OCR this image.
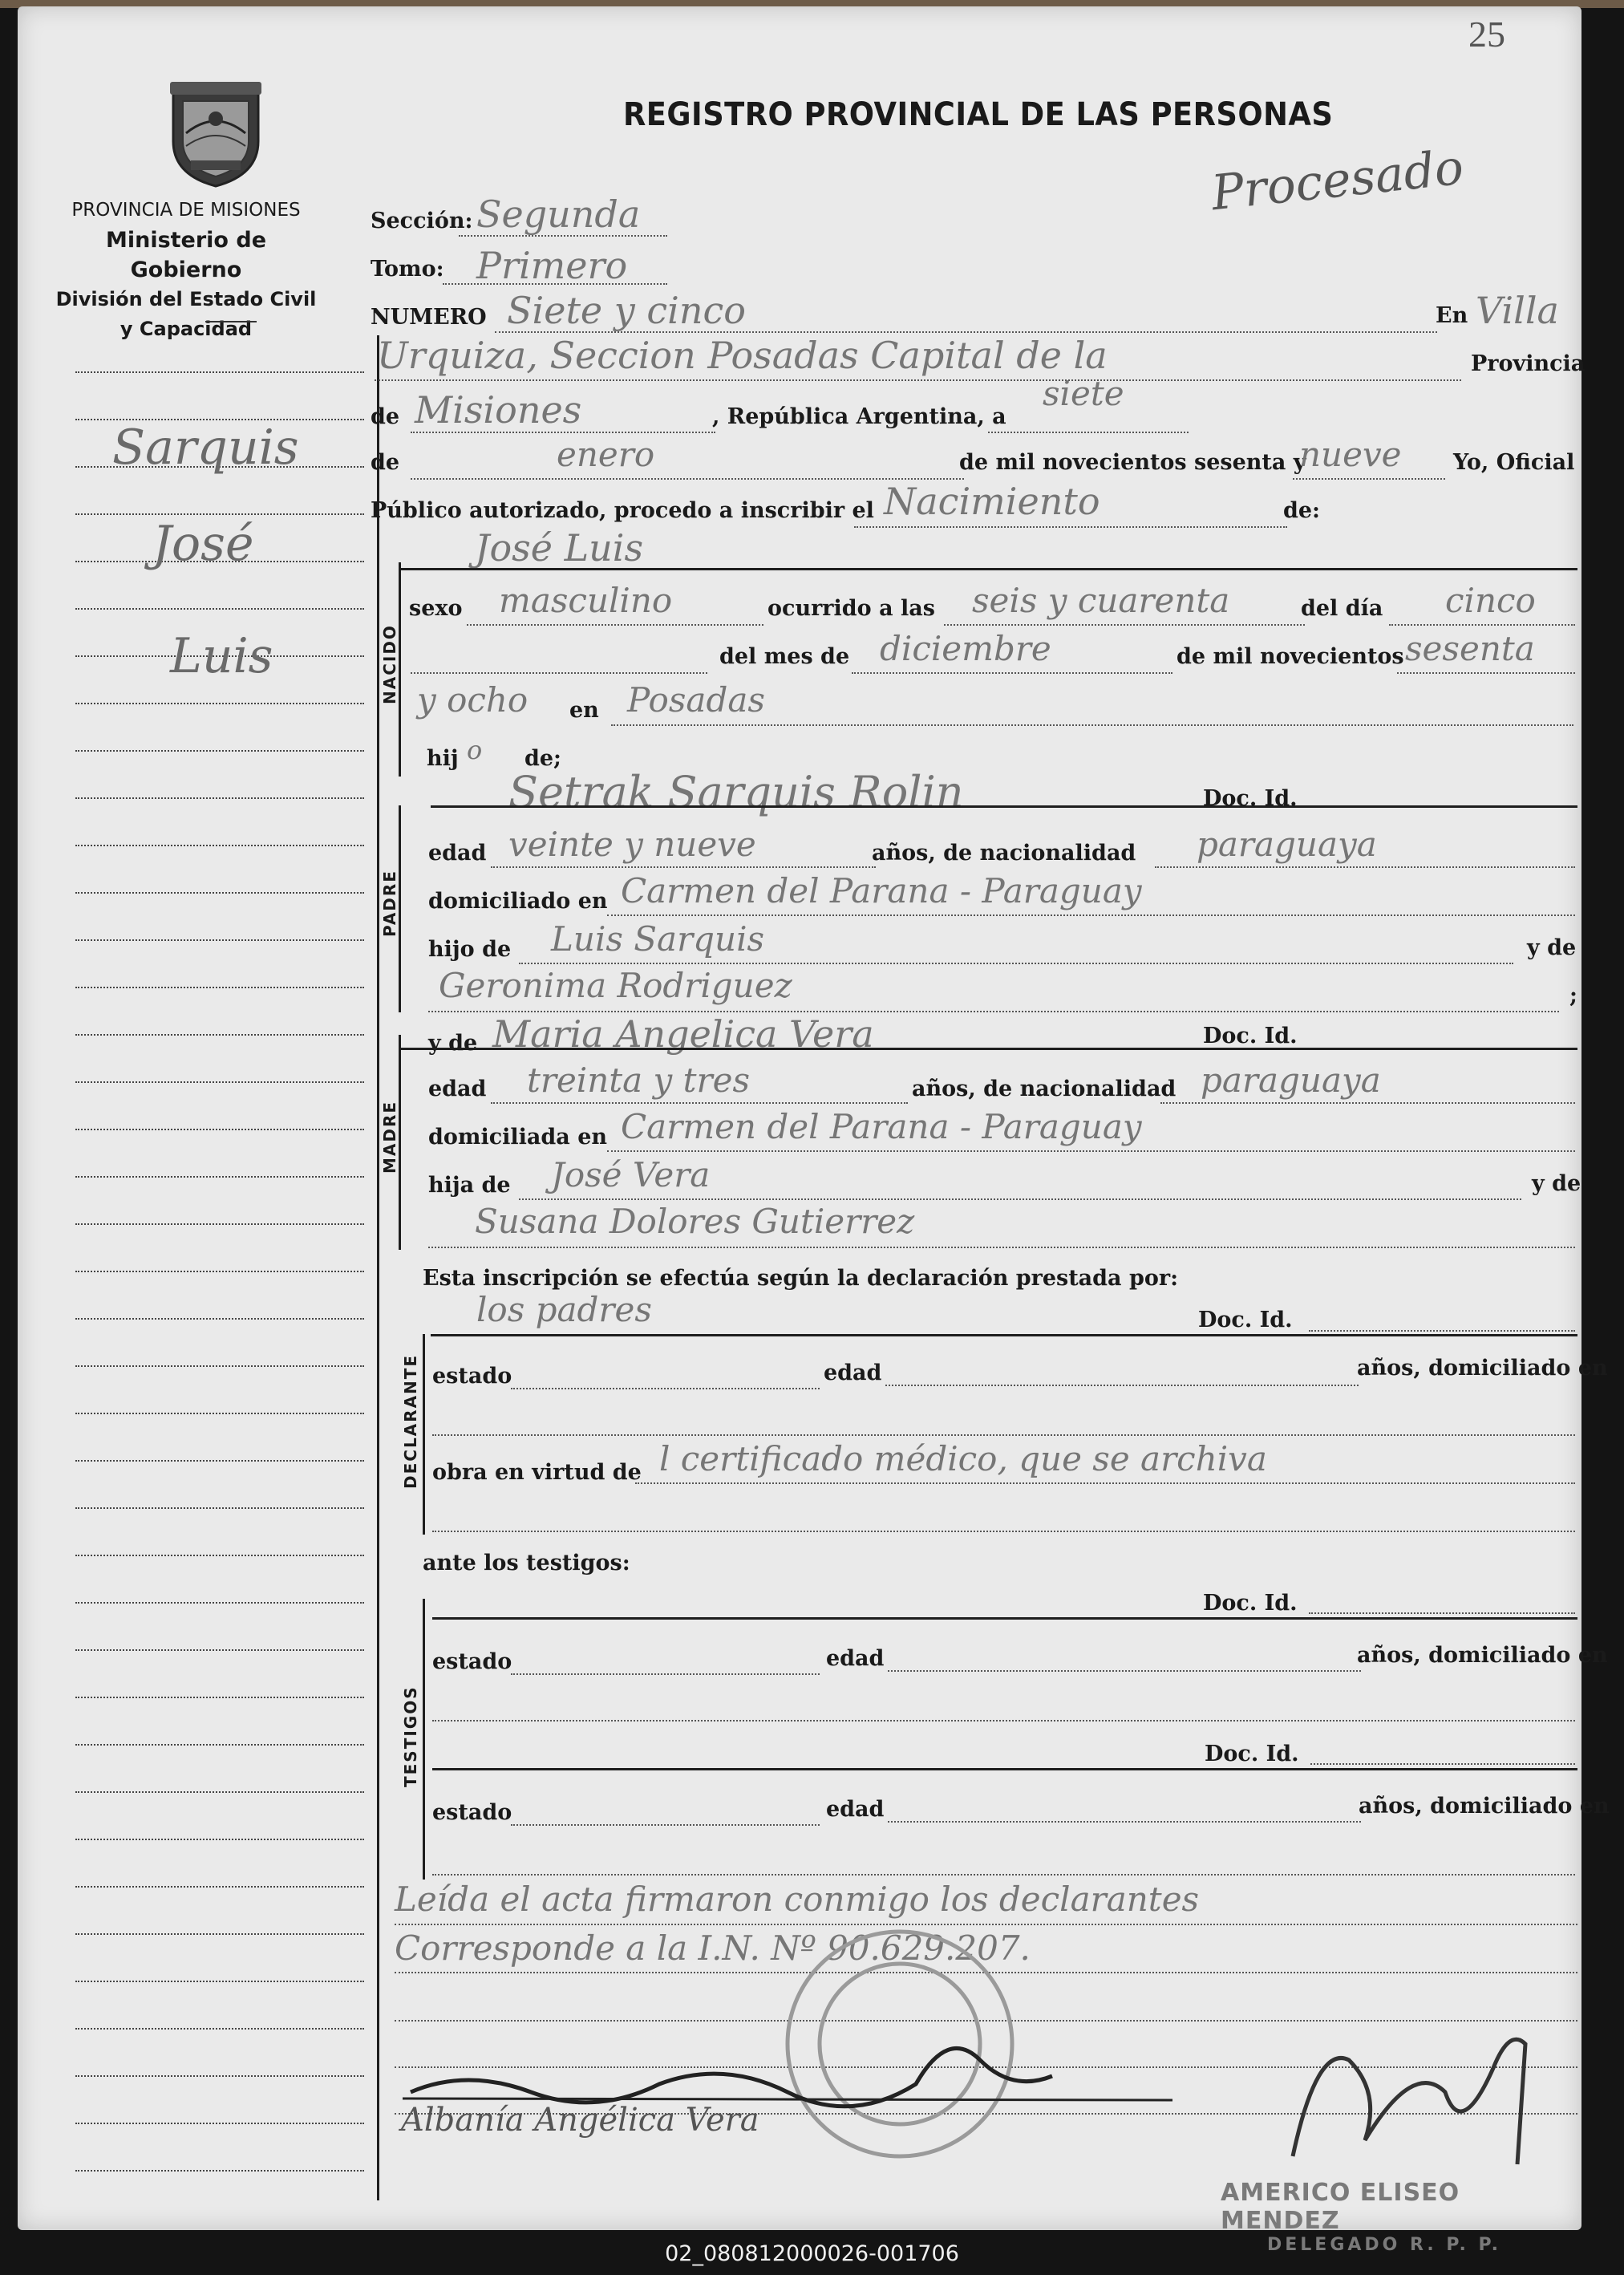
25
PROVINCIA DE MISIONES
Ministerio de Gobierno
División del Estado Civil
y Capacidad
REGISTRO PROVINCIAL DE LAS PERSONAS
Procesado
Sarquis
José
Luis
Sección: Segunda
Tomo: Primero
NUMERO Siete y cinco	En Villa
Urquiza, Seccion Posadas Capital de la	Provincia
de Misiones	, República Argentina, a
siete
de	enero	de mil novecientos sesenta y
nueve Yo, Oficial
Público autorizado, procedo a inscribir el Nacimiento	de:
NACIDO
José Luis
sexo masculino	ocurrido a las seis y cuarenta	del día cinco
del mes de diciembre	de mil novecientos sesenta
y ocho en Posadas
hij o de;
Setrak Sarquis Rolin	Doc. Id.
PADRE
edad veinte y nueve	años, de nacionalidad paraguaya
domiciliado en Carmen del Parana - Paraguay
hijo de Luis Sarquis	y de
Geronima Rodriguez	;
y de Maria Angelica Vera	Doc. Id.
MADRE
edad treinta y tres	años, de nacionalidad paraguaya
domiciliada en Carmen del Parana - Paraguay
hija de José Vera	y de
Susana Dolores Gutierrez
Esta inscripción se efectúa según la declaración prestada por:
los padres	Doc. Id.
DECLARANTE estado	edad	años, domiciliado en
obra en virtud de l certificado médico, que se archiva
ante los testigos:
Doc. Id.
TESTIGOS
estado	edad	años, domiciliado en
Doc. Id.
estado	edad	años, domiciliado en
Leída el acta firmaron conmigo los declarantes
Corresponde a la I.N. Nº 90.629.207.
Albanía Angélica Vera
AMERICO ELISEO MENDEZ
DELEGADO R. P. P.
02_080812000026-001706
